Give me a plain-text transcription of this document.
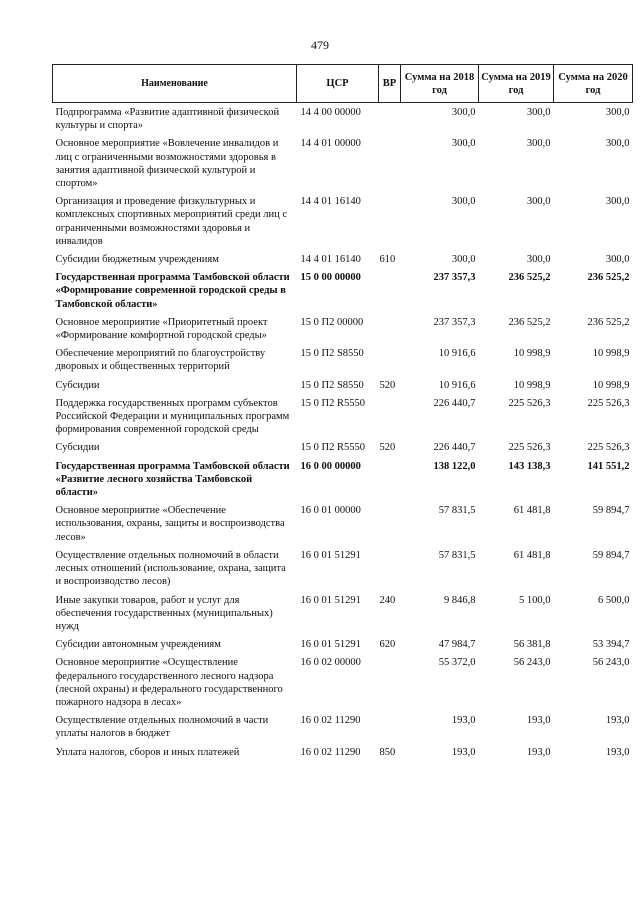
479
Наименование	ЦСР	ВР	Сумма на 2018 год	Сумма на 2019 год	Сумма на 2020 год
Подпрограмма «Развитие адаптивной физической культуры и спорта»	14 4 00 00000		300,0	300,0	300,0
Основное мероприятие «Вовлечение инвалидов и лиц с ограниченными возможностями здоровья в занятия адаптивной физической культурой и спортом»	14 4 01 00000		300,0	300,0	300,0
Организация и проведение физкультурных и комплексных спортивных мероприятий среди лиц с ограниченными возможностями здоровья и инвалидов	14 4 01 16140		300,0	300,0	300,0
Субсидии бюджетным учреждениям	14 4 01 16140	610	300,0	300,0	300,0
Государственная программа Тамбовской области «Формирование современной городской среды в Тамбовской области»	15 0 00 00000		237 357,3	236 525,2	236 525,2
Основное мероприятие «Приоритетный проект «Формирование комфортной городской среды»	15 0 П2 00000		237 357,3	236 525,2	236 525,2
Обеспечение мероприятий по благоустройству дворовых и общественных территорий	15 0 П2 S8550		10 916,6	10 998,9	10 998,9
Субсидии	15 0 П2 S8550	520	10 916,6	10 998,9	10 998,9
Поддержка государственных программ субъектов Российской Федерации и муниципальных программ формирования современной городской среды	15 0 П2 R5550		226 440,7	225 526,3	225 526,3
Субсидии	15 0 П2 R5550	520	226 440,7	225 526,3	225 526,3
Государственная программа Тамбовской области «Развитие лесного хозяйства Тамбовской области»	16 0 00 00000		138 122,0	143 138,3	141 551,2
Основное мероприятие «Обеспечение использования, охраны, защиты и воспроизводства лесов»	16 0 01 00000		57 831,5	61 481,8	59 894,7
Осуществление отдельных полномочий в области лесных отношений (использование, охрана, защита и воспроизводство лесов)	16 0 01 51291		57 831,5	61 481,8	59 894,7
Иные закупки товаров, работ и услуг для обеспечения государственных (муниципальных) нужд	16 0 01 51291	240	9 846,8	5 100,0	6 500,0
Субсидии автономным учреждениям	16 0 01 51291	620	47 984,7	56 381,8	53 394,7
Основное мероприятие «Осуществление федерального государственного лесного надзора (лесной охраны) и федерального государственного пожарного надзора в лесах»	16 0 02 00000		55 372,0	56 243,0	56 243,0
Осуществление отдельных полномочий в части уплаты налогов в бюджет	16 0 02 11290		193,0	193,0	193,0
Уплата налогов, сборов и иных платежей	16 0 02 11290	850	193,0	193,0	193,0
